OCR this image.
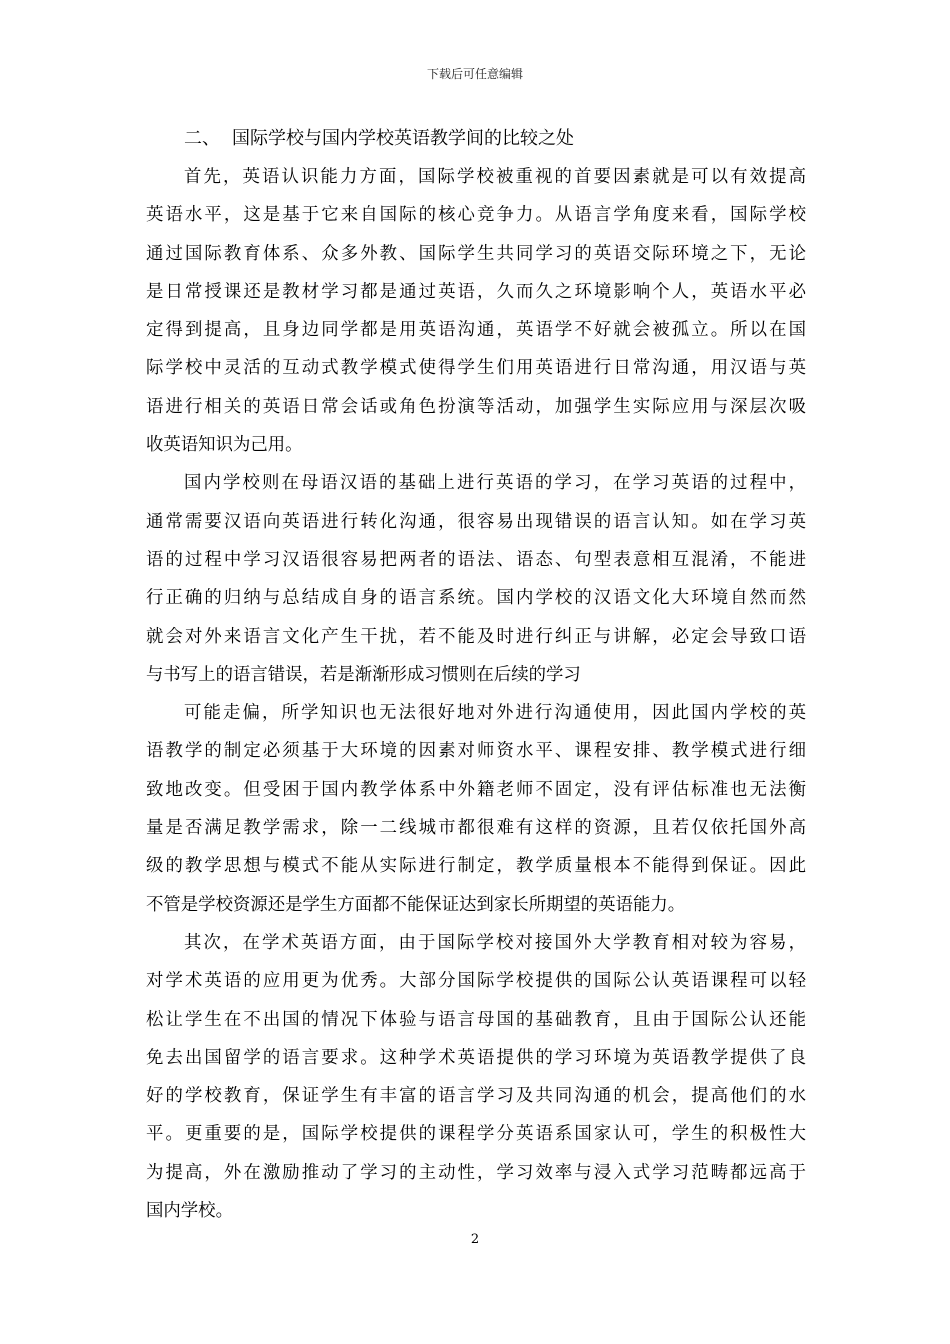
下载后可任意编辑
二、 国际学校与国内学校英语教学间的比较之处
首先，英语认识能力方面，国际学校被重视的首要因素就是可以有效提高
英语水平，这是基于它来自国际的核心竞争力。从语言学角度来看，国际学校
通过国际教育体系、众多外教、国际学生共同学习的英语交际环境之下，无论
是日常授课还是教材学习都是通过英语，久而久之环境影响个人，英语水平必
定得到提高，且身边同学都是用英语沟通，英语学不好就会被孤立。所以在国
际学校中灵活的互动式教学模式使得学生们用英语进行日常沟通，用汉语与英
语进行相关的英语日常会话或角色扮演等活动，加强学生实际应用与深层次吸
收英语知识为己用。
国内学校则在母语汉语的基础上进行英语的学习，在学习英语的过程中，
通常需要汉语向英语进行转化沟通，很容易出现错误的语言认知。如在学习英
语的过程中学习汉语很容易把两者的语法、语态、句型表意相互混淆，不能进
行正确的归纳与总结成自身的语言系统。国内学校的汉语文化大环境自然而然
就会对外来语言文化产生干扰，若不能及时进行纠正与讲解，必定会导致口语
与书写上的语言错误，若是渐渐形成习惯则在后续的学习
可能走偏，所学知识也无法很好地对外进行沟通使用，因此国内学校的英
语教学的制定必须基于大环境的因素对师资水平、课程安排、教学模式进行细
致地改变。但受困于国内教学体系中外籍老师不固定，没有评估标准也无法衡
量是否满足教学需求，除一二线城市都很难有这样的资源，且若仅依托国外高
级的教学思想与模式不能从实际进行制定，教学质量根本不能得到保证。因此
不管是学校资源还是学生方面都不能保证达到家长所期望的英语能力。
其次，在学术英语方面，由于国际学校对接国外大学教育相对较为容易，
对学术英语的应用更为优秀。大部分国际学校提供的国际公认英语课程可以轻
松让学生在不出国的情况下体验与语言母国的基础教育，且由于国际公认还能
免去出国留学的语言要求。这种学术英语提供的学习环境为英语教学提供了良
好的学校教育，保证学生有丰富的语言学习及共同沟通的机会，提高他们的水
平。更重要的是，国际学校提供的课程学分英语系国家认可，学生的积极性大
为提高，外在激励推动了学习的主动性，学习效率与浸入式学习范畴都远高于
国内学校。
2
